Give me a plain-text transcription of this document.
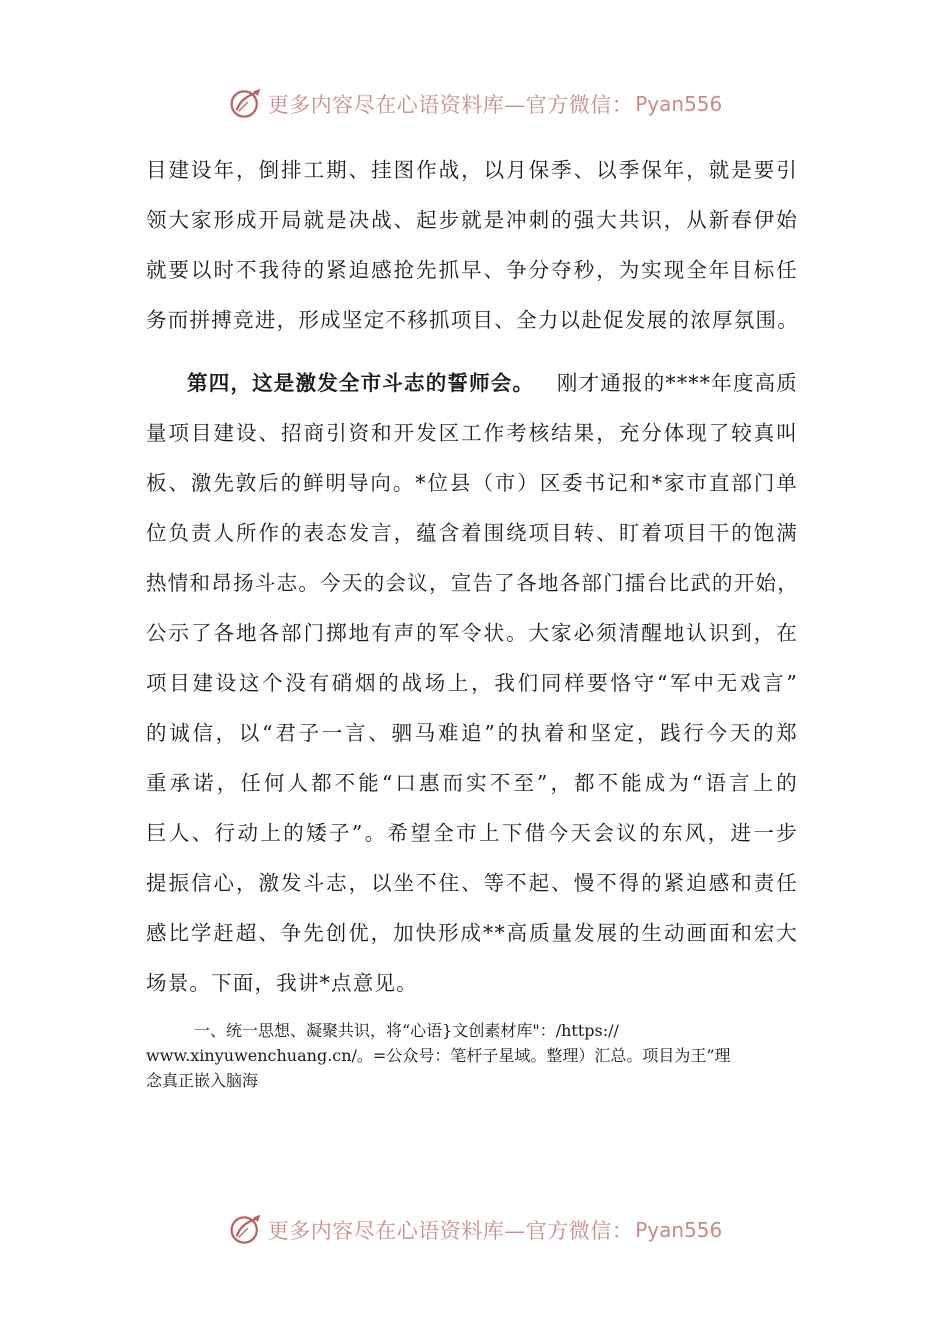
更多内容尽在心语资料库—官方微信： Pyan556
目建设年，倒排工期、挂图作战，以月保季、以季保年，就是要引
领大家形成开局就是决战、起步就是冲刺的强大共识，从新春伊始
就要以时不我待的紧迫感抢先抓早、争分夺秒，为实现全年目标任
务而拼搏竞进，形成坚定不移抓项目、全力以赴促发展的浓厚氛围。
第四，这是激发全市斗志的誓师会。 刚才通报的****年度高质
量项目建设、招商引资和开发区工作考核结果，充分体现了较真叫
板、激先敦后的鲜明导向。*位县（市）区委书记和*家市直部门单
位负责人所作的表态发言，蕴含着围绕项目转、盯着项目干的饱满
热情和昂扬斗志。今天的会议，宣告了各地各部门擂台比武的开始，
公示了各地各部门掷地有声的军令状。大家必须清醒地认识到，在
项目建设这个没有硝烟的战场上，我们同样要恪守“军中无戏言”
的诚信，以“君子一言、驷马难追”的执着和坚定，践行今天的郑
重承诺，任何人都不能“口惠而实不至”，都不能成为“语言上的
巨人、行动上的矮子”。希望全市上下借今天会议的东风，进一步
提振信心，激发斗志，以坐不住、等不起、慢不得的紧迫感和责任
感比学赶超、争先创优，加快形成**高质量发展的生动画面和宏大
场景。下面，我讲*点意见。
一、统一思想、凝聚共识，将“心语}文创素材库"：/https://
www.xinyuwenchuang.cn/。=公众号：笔杆子星域。整理）汇总。项目为王”理
念真正嵌入脑海
更多内容尽在心语资料库—官方微信： Pyan556
